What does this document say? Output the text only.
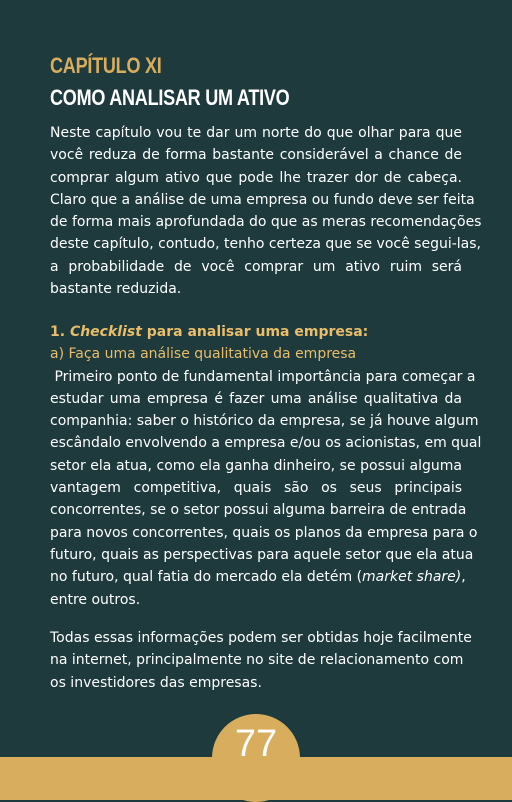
CAPÍTULO XI
COMO ANALISAR UM ATIVO
Neste capítulo vou te dar um norte do que olhar para que
você reduza de forma bastante considerável a chance de
comprar algum ativo que pode lhe trazer dor de cabeça.
Claro que a análise de uma empresa ou fundo deve ser feita
de forma mais aprofundada do que as meras recomendações
deste capítulo, contudo, tenho certeza que se você segui-las,
a probabilidade de você comprar um ativo ruim será
bastante reduzida.
1. Checklist para analisar uma empresa:
a) Faça uma análise qualitativa da empresa
Primeiro ponto de fundamental importância para começar a
estudar uma empresa é fazer uma análise qualitativa da
companhia: saber o histórico da empresa, se já houve algum
escândalo envolvendo a empresa e/ou os acionistas, em qual
setor ela atua, como ela ganha dinheiro, se possui alguma
vantagem competitiva, quais são os seus principais
concorrentes, se o setor possui alguma barreira de entrada
para novos concorrentes, quais os planos da empresa para o
futuro, quais as perspectivas para aquele setor que ela atua
no futuro, qual fatia do mercado ela detém (market share),
entre outros.
Todas essas informações podem ser obtidas hoje facilmente
na internet, principalmente no site de relacionamento com
os investidores das empresas.
77
